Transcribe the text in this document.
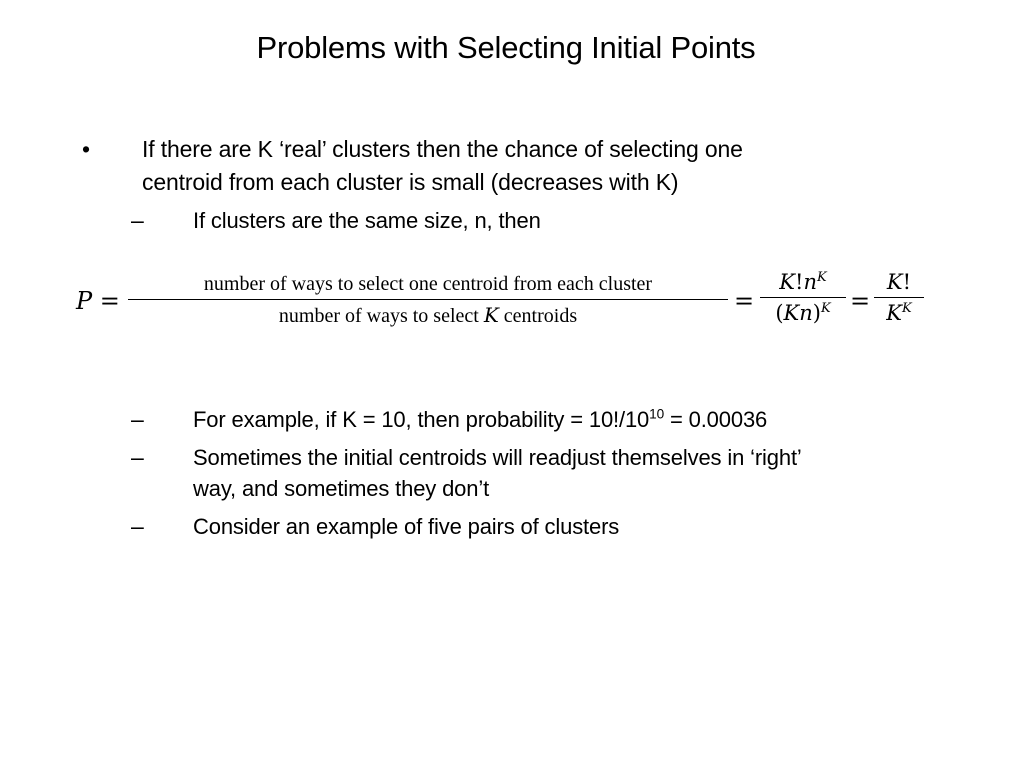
Problems with Selecting Initial Points
• If there are K ‘real’ clusters then the chance of selecting one
centroid from each cluster is small (decreases with K)
– If clusters are the same size, n, then
P =
number of ways to select one centroid from each cluster
number of ways to select K centroids
=
$K!n^K$
$(Kn)^K$ =
K!
$K^K$
– For example, if K = 10, then probability = $10!/10^{10} = 0.00036$
– Sometimes the initial centroids will readjust themselves in ‘right’
way, and sometimes they don’t
– Consider an example of five pairs of clusters
